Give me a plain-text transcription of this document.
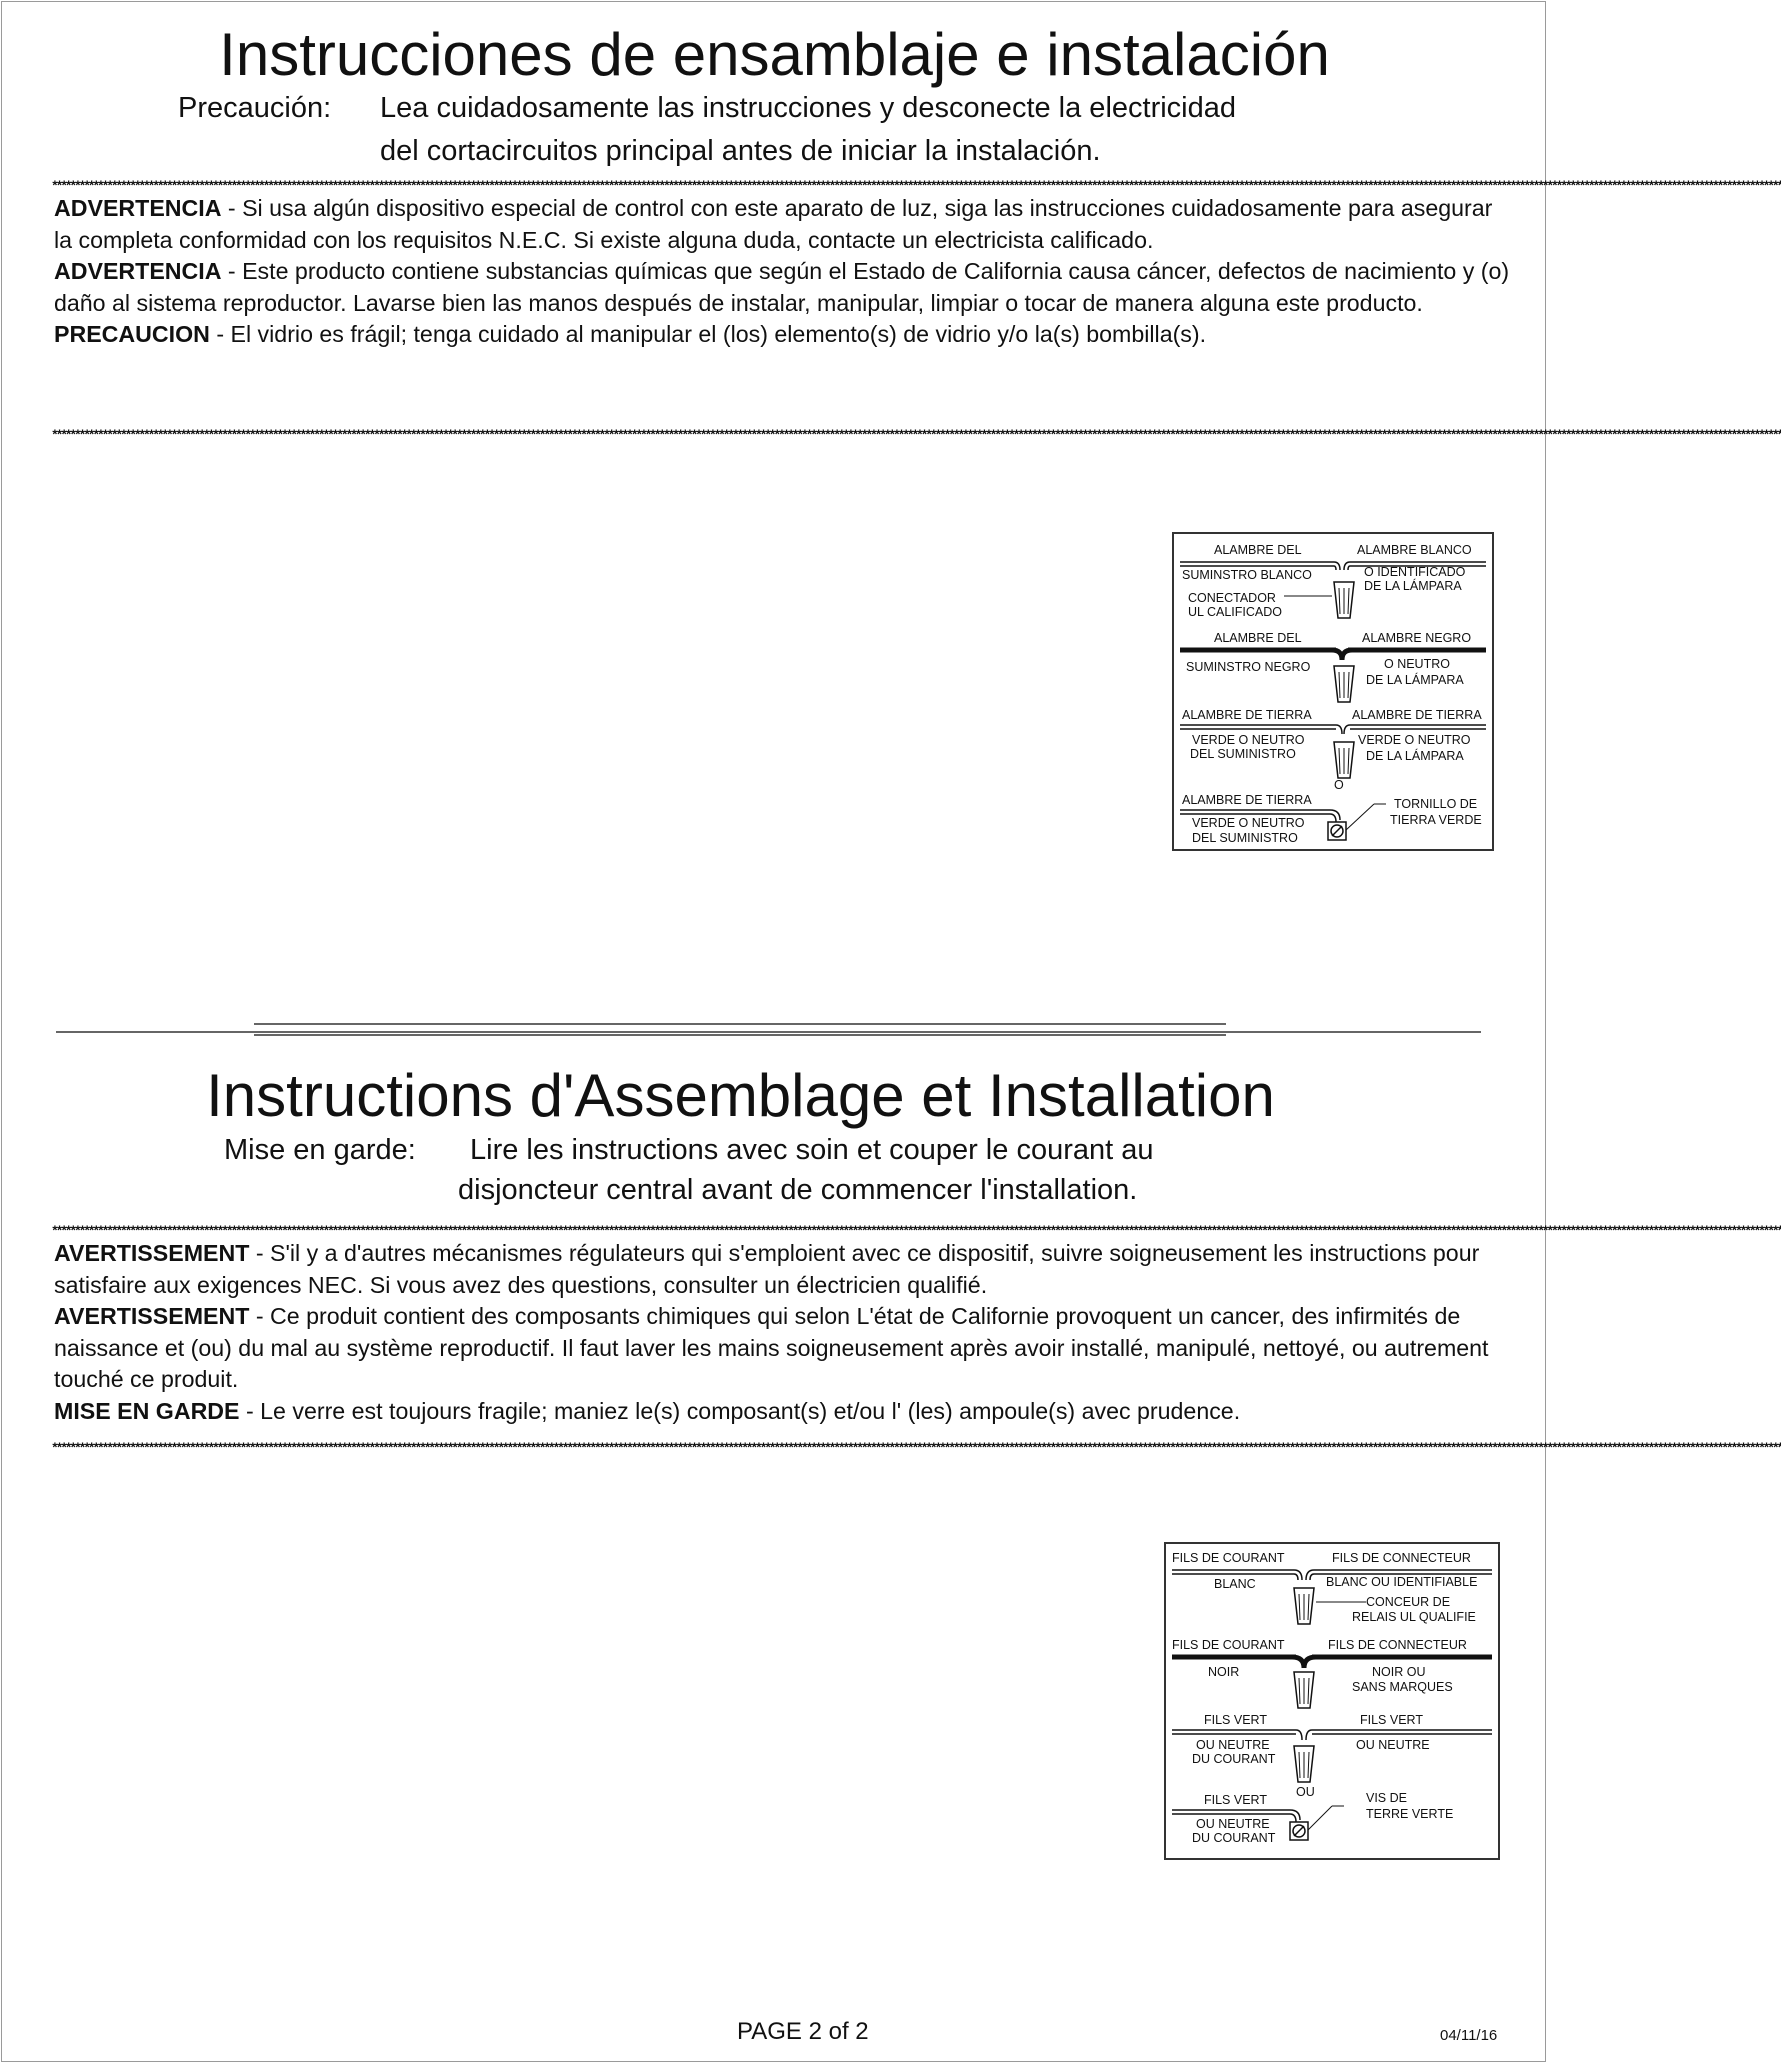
Instrucciones de ensamblaje e instalación
Precaución: Lea cuidadosamente las instrucciones y desconecte la electricidad
del cortacircuitos principal antes de iniciar la instalación.
****************************************************************************************************************************************************************************************************************************************************************************************************************************************************************************************

ADVERTENCIA - Si usa algún dispositivo especial de control con este aparato de luz, siga las instrucciones cuidadosamente para asegurar la completa conformidad con los requisitos N.E.C. Si existe alguna duda, contacte un electricista calificado.

ADVERTENCIA - Este producto contiene substancias químicas que según el Estado de California causa cáncer, defectos de nacimiento y (o) daño al sistema reproductor. Lavarse bien las manos después de instalar, manipular, limpiar o tocar de manera alguna este producto.

PRECAUCION - El vidrio es frágil; tenga cuidado al manipular el (los) elemento(s) de vidrio y/o la(s) bombilla(s).

****************************************************************************************************************************************************************************************************************************************************************************************************************************************************************************************
ALAMBRE DEL
SUMINSTRO BLANCO
ALAMBRE BLANCO
O IDENTIFICADO
DE LA LÁMPARA
CONECTADOR
UL CALIFICADO
ALAMBRE DEL
SUMINSTRO NEGRO
ALAMBRE NEGRO
O NEUTRO
DE LA LÁMPARA
ALAMBRE DE TIERRA	ALAMBRE DE TIERRA
VERDE O NEUTRO
DEL SUMINISTRO
VERDE O NEUTRO
DE LA LÁMPARA
O
ALAMBRE DE TIERRA
VERDE O NEUTRO
DEL SUMINISTRO
TORNILLO DE
TIERRA VERDE
Instructions d'Assemblage et Installation
Mise en garde: Lire les instructions avec soin et couper le courant au
disjoncteur central avant de commencer l'installation.
****************************************************************************************************************************************************************************************************************************************************************************************************************************************************************************************

AVERTISSEMENT - S'il y a d'autres mécanismes régulateurs qui s'emploient avec ce dispositif, suivre soigneusement les instructions pour satisfaire aux exigences NEC. Si vous avez des questions, consulter un électricien qualifié.

AVERTISSEMENT - Ce produit contient des composants chimiques qui selon L'état de Californie provoquent un cancer, des infirmités de naissance et (ou) du mal au système reproductif. Il faut laver les mains soigneusement après avoir installé, manipulé, nettoyé, ou autrement touché ce produit.

MISE EN GARDE - Le verre est toujours fragile; maniez le(s) composant(s) et/ou l' (les) ampoule(s) avec prudence.

****************************************************************************************************************************************************************************************************************************************************************************************************************************************************************************************
FILS DE COURANT	FILS DE CONNECTEUR
BLANC	BLANC OU IDENTIFIABLE
CONCEUR DE
RELAIS UL QUALIFIE
FILS DE COURANT	FILS DE CONNECTEUR
NOIR	NOIR OU
SANS MARQUES
FILS VERT	FILS VERT
OU NEUTRE
DU COURANT
OU NEUTRE
OU
FILS VERT
OU NEUTRE
DU COURANT
VIS DE
TERRE VERTE
PAGE 2 of 2	04/11/16
